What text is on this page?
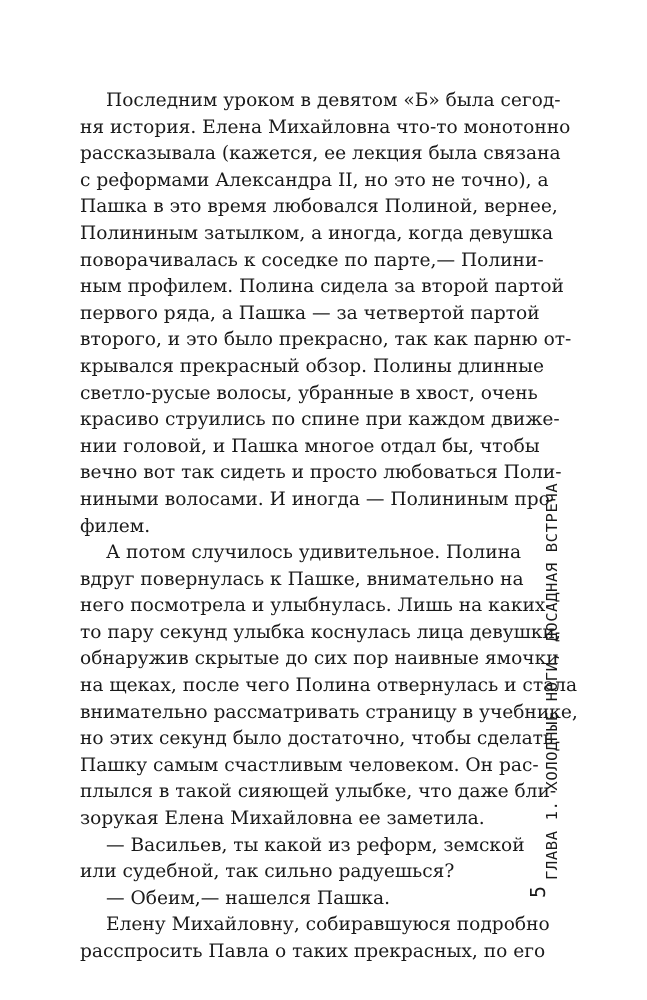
Последним уроком в девятом «Б» была сегод-
ня история. Елена Михайловна что-то монотонно
рассказывала (кажется, ее лекция была связана
с реформами Александра II, но это не точно), а
Пашка в это время любовался Полиной, вернее,
Полининым затылком, а иногда, когда девушка
поворачивалась к соседке по парте,— Полини-
ным профилем. Полина сидела за второй партой
первого ряда, а Пашка — за четвертой партой
второго, и это было прекрасно, так как парню от-
крывался прекрасный обзор. Полины длинные
светло-русые волосы, убранные в хвост, очень
красиво струились по спине при каждом движе-
нии головой, и Пашка многое отдал бы, чтобы
вечно вот так сидеть и просто любоваться Поли-
ниными волосами. И иногда — Полининым про-
филем.

А потом случилось удивительное. Полина
вдруг повернулась к Пашке, внимательно на
него посмотрела и улыбнулась. Лишь на каких-
то пару секунд улыбка коснулась лица девушки,
обнаружив скрытые до сих пор наивные ямочки
на щеках, после чего Полина отвернулась и стала
внимательно рассматривать страницу в учебнике,
но этих секунд было достаточно, чтобы сделать
Пашку самым счастливым человеком. Он рас-
плылся в такой сияющей улыбке, что даже бли-
зорукая Елена Михайловна ее заметила.

— Васильев, ты какой из реформ, земской
или судебной, так сильно радуешься?

— Обеим,— нашелся Пашка.

Елену Михайловну, собиравшуюся подробно
расспросить Павла о таких прекрасных, по его

ГЛАВА 1. ХОЛОДНЫЕ НОГИ, ДОСАДНАЯ ВСТРЕЧА
5
